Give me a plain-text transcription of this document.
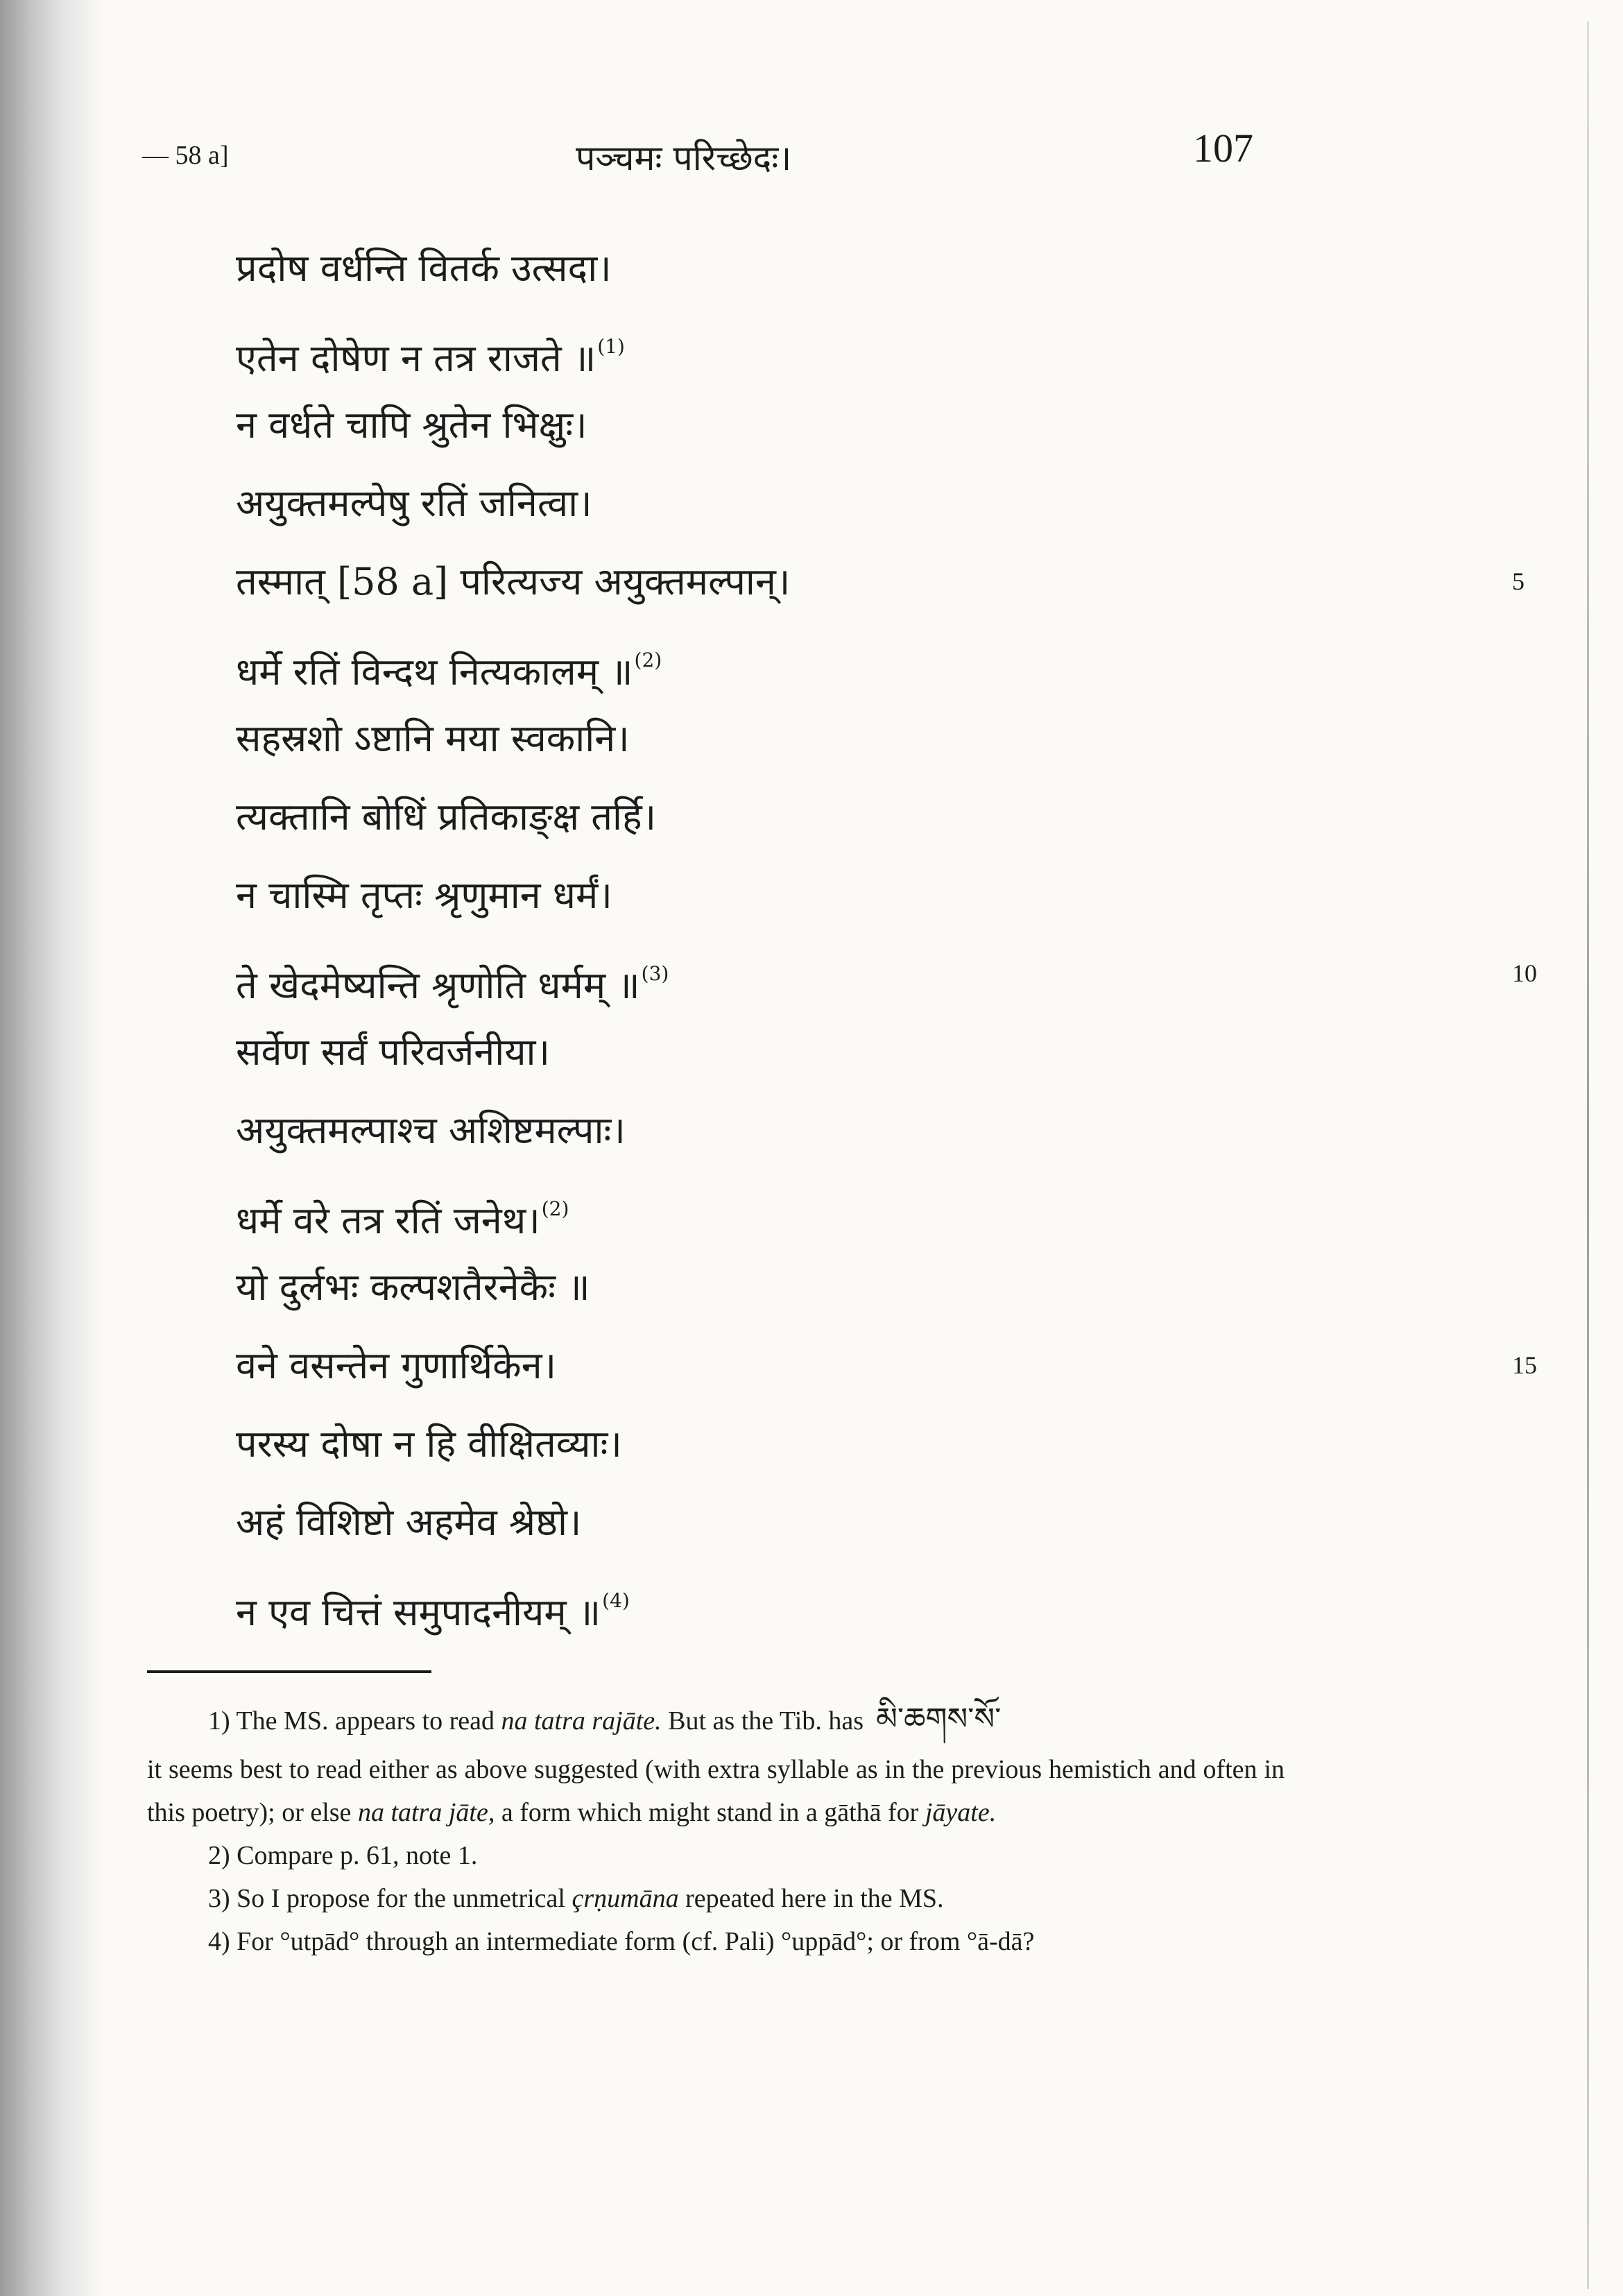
— 58 a]	पञ्चमः परिच्छेदः।	107
प्रदोष वर्धन्ति वितर्क उत्सदा।
एतेन दोषेण न तत्र राजते ॥$^{(1)}$
न वर्धते चापि श्रुतेन भिक्षुः।
अयुक्तमल्पेषु रतिं जनित्वा।
तस्मात् [58 a] परित्यज्य अयुक्तमल्पान्।	5
धर्मे रतिं विन्दथ नित्यकालम् ॥$^{(2)}$
सहस्रशो ऽष्टानि मया स्वकानि।
त्यक्तानि बोधिं प्रतिकाङ्क्ष तर्हि।
न चास्मि तृप्तः श्रृणुमान धर्मं।
ते खेदमेष्यन्ति श्रृणोति धर्मम् ॥$^{(3)}$	10
सर्वेण सर्वं परिवर्जनीया।
अयुक्तमल्पाश्च अशिष्टमल्पाः।
धर्मे वरे तत्र रतिं जनेथ।$^{(2)}$
यो दुर्लभः कल्पशतैरनेकैः ॥
वने वसन्तेन गुणार्थिकेन।	15
परस्य दोषा न हि वीक्षितव्याः।
अहं विशिष्टो अहमेव श्रेष्ठो।
न एव चित्तं समुपादनीयम् ॥$^{(4)}$

1) The MS. appears to read na tatra rajāte. But as the Tib. has མི་ཆགས་སོ་

it seems best to read either as above suggested (with extra syllable as in the previous hemistich and often in this poetry); or else na tatra jāte, a form which might stand in a gāthā for jāyate.

2) Compare p. 61, note 1.

3) So I propose for the unmetrical çrṇumāna repeated here in the MS.

4) For °utpād° through an intermediate form (cf. Pali) °uppād°; or from °ā-dā?
